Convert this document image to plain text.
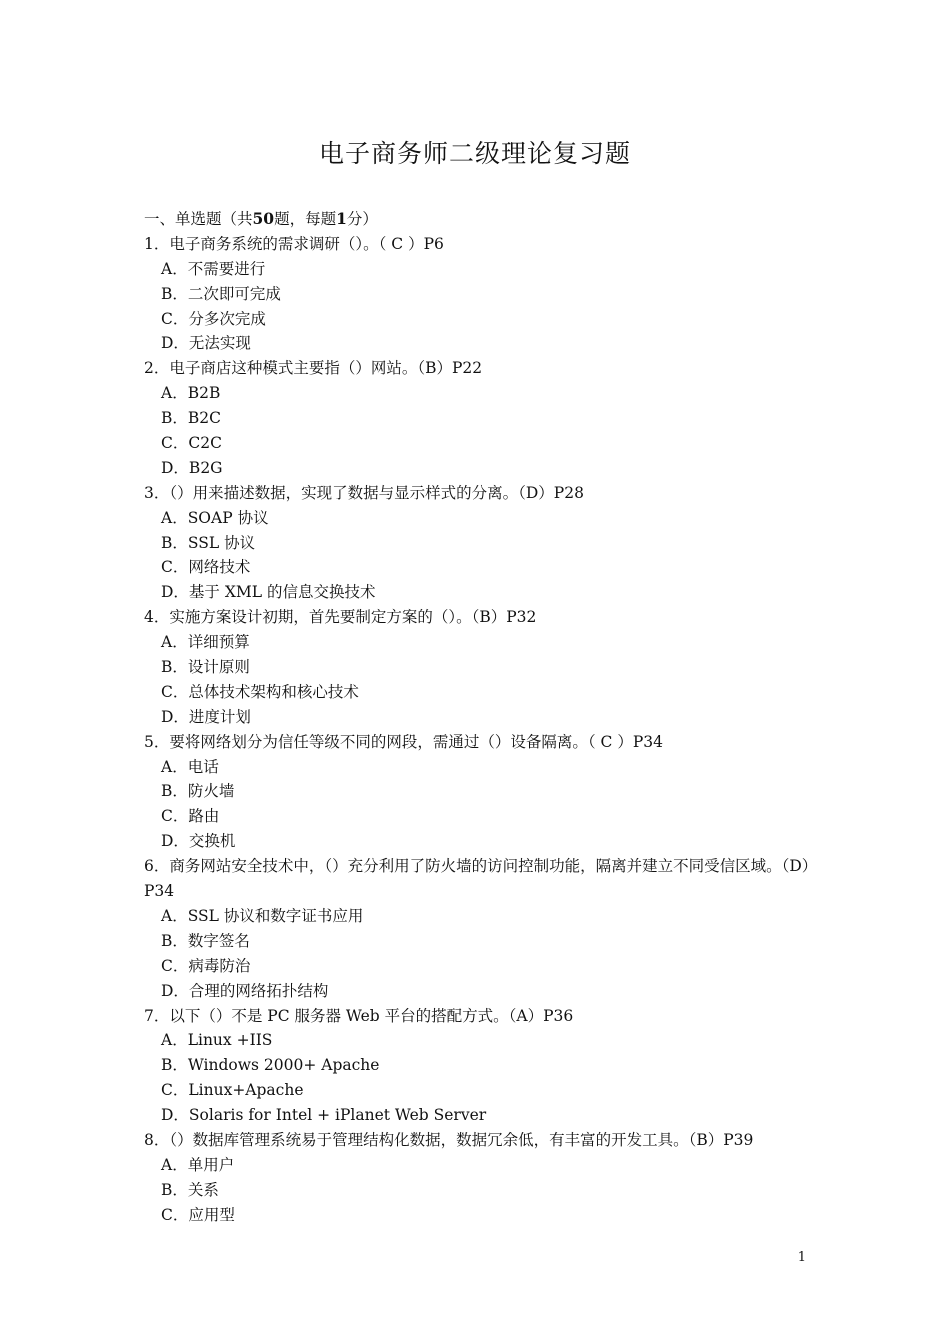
电子商务师二级理论复习题
一、单选题（共50题，每题1分）
1．电子商务系统的需求调研（）。（ C ）P6
A．不需要进行
B．二次即可完成
C．分多次完成
D．无法实现
2．电子商店这种模式主要指（）网站。（B）P22
A．B2B
B．B2C
C．C2C
D．B2G
3．（）用来描述数据，实现了数据与显示样式的分离。（D）P28
A．SOAP 协议
B．SSL 协议
C．网络技术
D．基于 XML 的信息交换技术
4．实施方案设计初期，首先要制定方案的（）。（B）P32
A．详细预算
B．设计原则
C．总体技术架构和核心技术
D．进度计划
5．要将网络划分为信任等级不同的网段，需通过（）设备隔离。（ C ）P34
A．电话
B．防火墙
C．路由
D．交换机
6．商务网站安全技术中，（）充分利用了防火墙的访问控制功能，隔离并建立不同受信区域。（D）P34
A．SSL 协议和数字证书应用
B．数字签名
C．病毒防治
D．合理的网络拓扑结构
7．以下（）不是 PC 服务器 Web 平台的搭配方式。（A）P36
A．Linux +IIS
B．Windows 2000+ Apache
C．Linux+Apache
D．Solaris for Intel + iPlanet Web Server
8．（）数据库管理系统易于管理结构化数据，数据冗余低，有丰富的开发工具。（B）P39
A．单用户
B．关系
C．应用型
1
